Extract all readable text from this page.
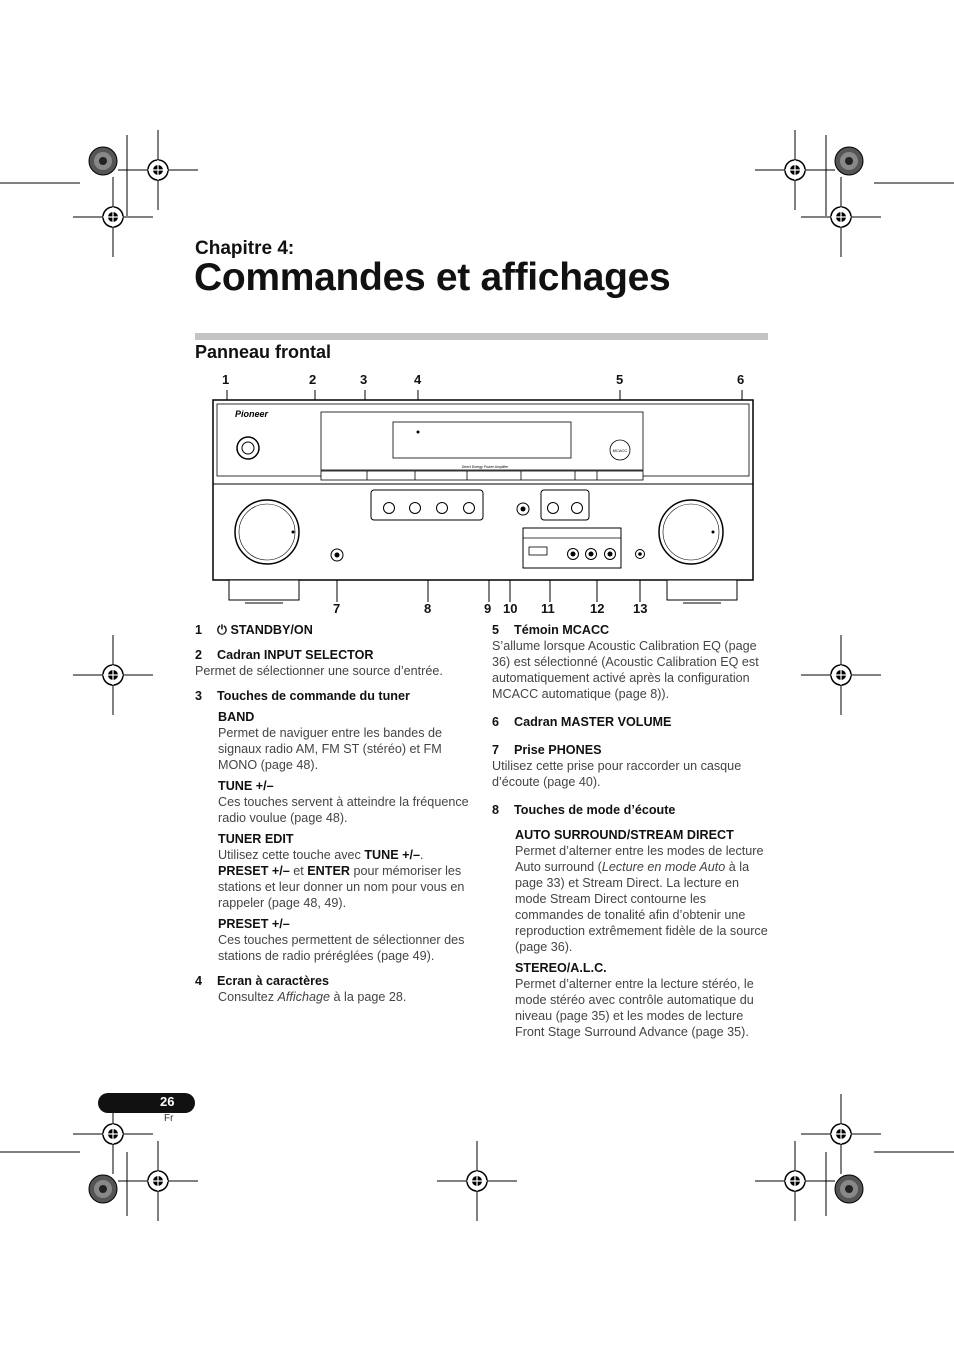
Chapitre 4:
Commandes et affichages
Panneau frontal
1	2	3	4	5	6
7	8	9 10 11	12 13
Pioneer
MCACC
Direct Energy Power Amplifier
1 ⏻ STANDBY/ON
2 Cadran INPUT SELECTOR
Permet de sélectionner une source d’entrée.
3 Touches de commande du tuner
BAND
Permet de naviguer entre les bandes de signaux radio AM, FM ST (stéréo) et FM MONO (page 48).
TUNE +/–
Ces touches servent à atteindre la fréquence radio voulue (page 48).
TUNER EDIT
Utilisez cette touche avec TUNE +/–. PRESET +/– et ENTER pour mémoriser les stations et leur donner un nom pour vous en rappeler (page 48, 49).
PRESET +/–
Ces touches permettent de sélectionner des stations de radio préréglées (page 49).
4 Ecran à caractères
Consultez Affichage à la page 28.
5 Témoin MCACC
S’allume lorsque Acoustic Calibration EQ (page 36) est sélectionné (Acoustic Calibration EQ est automatiquement activé après la configuration MCACC automatique (page 8)).
6 Cadran MASTER VOLUME
7 Prise PHONES
Utilisez cette prise pour raccorder un casque d’écoute (page 40).
8 Touches de mode d’écoute
AUTO SURROUND/STREAM DIRECT
Permet d’alterner entre les modes de lecture Auto surround (Lecture en mode Auto à la page 33) et Stream Direct. La lecture en mode Stream Direct contourne les commandes de tonalité afin d’obtenir une reproduction extrêmement fidèle de la source (page 36).
STEREO/A.L.C.
Permet d’alterner entre la lecture stéréo, le mode stéréo avec contrôle automatique du niveau (page 35) et les modes de lecture Front Stage Surround Advance (page 35).
26
Fr
